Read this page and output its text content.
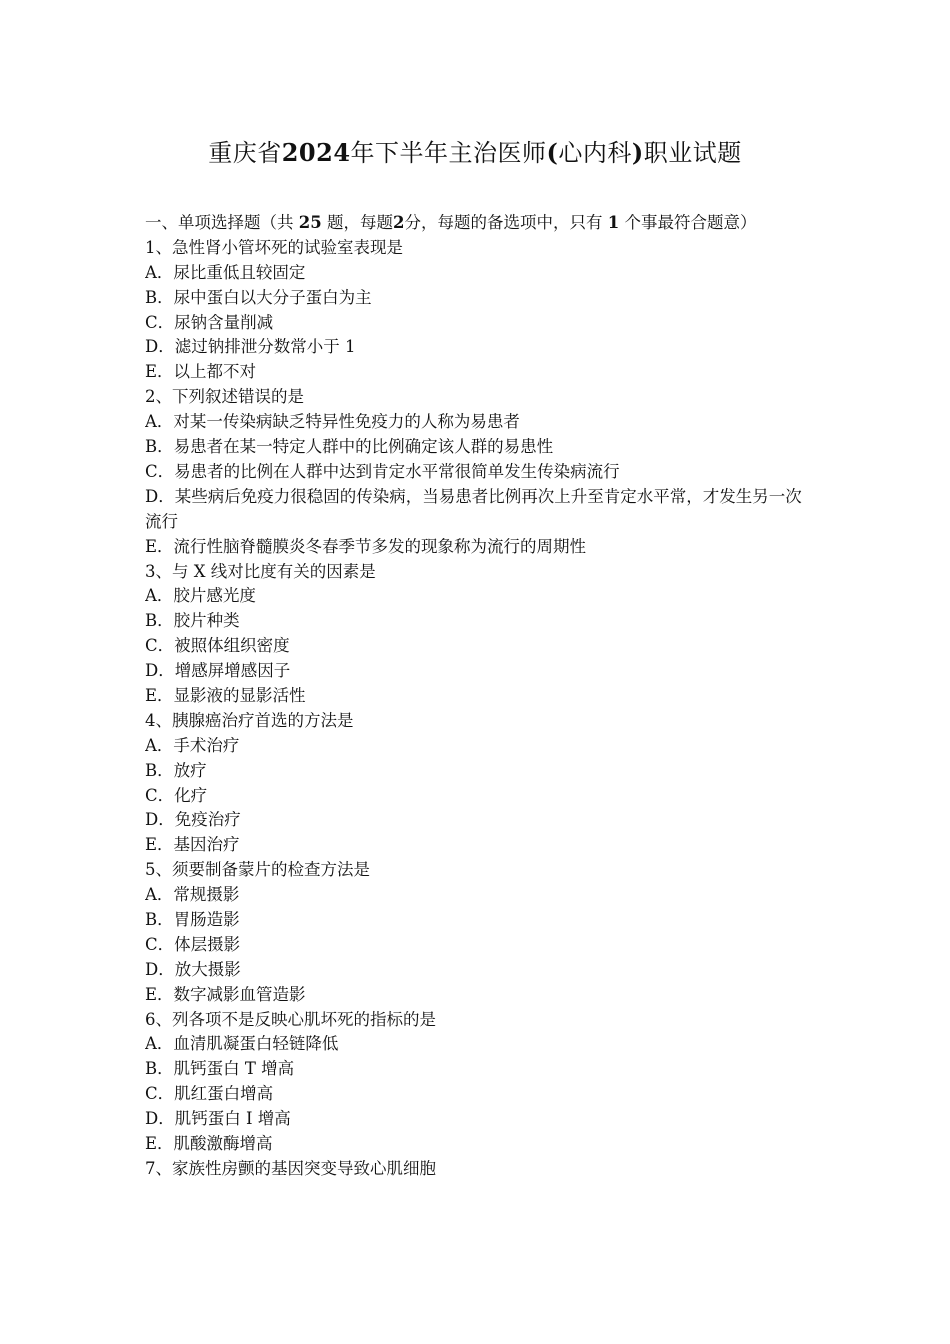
重庆省2024年下半年主治医师(心内科)职业试题
一、单项选择题（共 25 题，每题2分，每题的备选项中，只有 1 个事最符合题意）
1、急性肾小管坏死的试验室表现是
A．尿比重低且较固定
B．尿中蛋白以大分子蛋白为主
C．尿钠含量削减
D．滤过钠排泄分数常小于 1
E．以上都不对
2、下列叙述错误的是
A．对某一传染病缺乏特异性免疫力的人称为易患者
B．易患者在某一特定人群中的比例确定该人群的易患性
C．易患者的比例在人群中达到肯定水平常很简单发生传染病流行
D．某些病后免疫力很稳固的传染病，当易患者比例再次上升至肯定水平常，才发生另一次流行
E．流行性脑脊髓膜炎冬春季节多发的现象称为流行的周期性
3、与 X 线对比度有关的因素是
A．胶片感光度
B．胶片种类
C．被照体组织密度
D．增感屏增感因子
E．显影液的显影活性
4、胰腺癌治疗首选的方法是
A．手术治疗
B．放疗
C．化疗
D．免疫治疗
E．基因治疗
5、须要制备蒙片的检查方法是
A．常规摄影
B．胃肠造影
C．体层摄影
D．放大摄影
E．数字减影血管造影
6、列各项不是反映心肌坏死的指标的是
A．血清肌凝蛋白轻链降低
B．肌钙蛋白 T 增高
C．肌红蛋白增高
D．肌钙蛋白 I 增高
E．肌酸激酶增高
7、家族性房颤的基因突变导致心肌细胞
